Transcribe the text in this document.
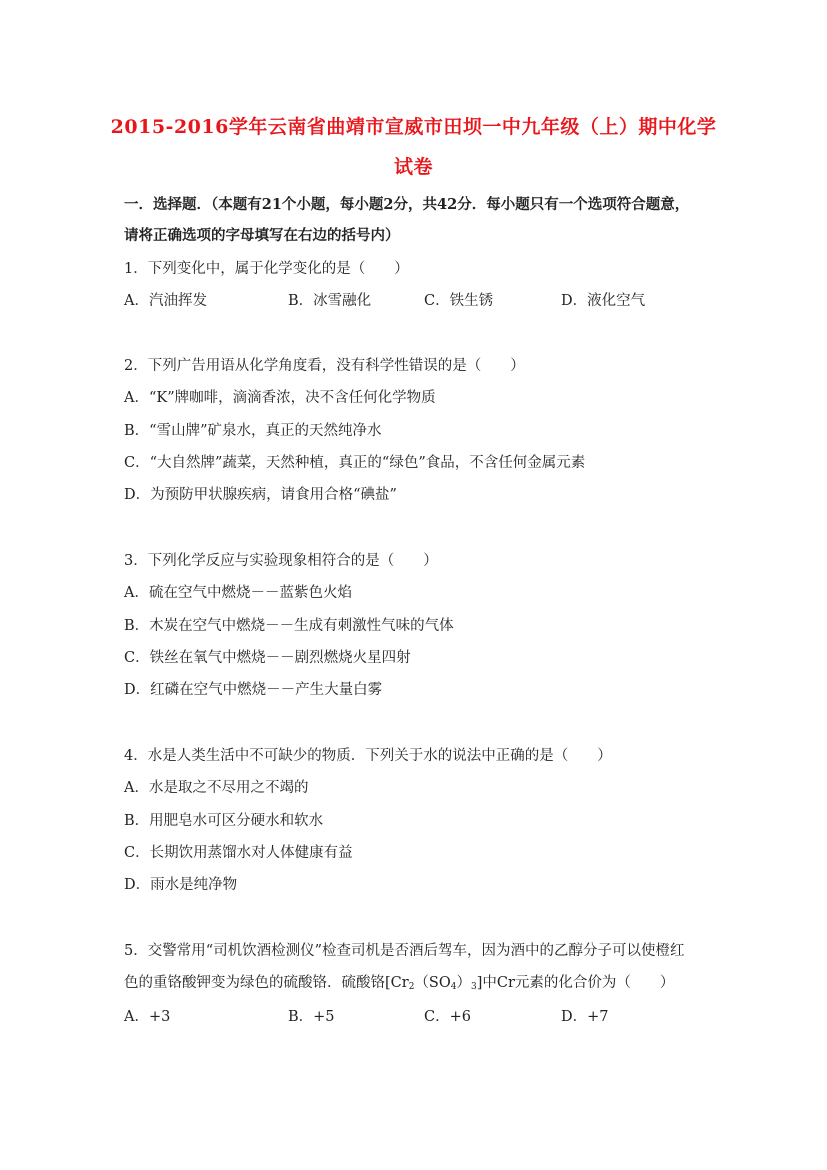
2015-2016学年云南省曲靖市宣威市田坝一中九年级（上）期中化学
试卷
一．选择题．（本题有21个小题，每小题2分，共42分．每小题只有一个选项符合题意，
请将正确选项的字母填写在右边的括号内）
1．下列变化中，属于化学变化的是（　　）
A．汽油挥发	B．冰雪融化	C．铁生锈	D．液化空气
2．下列广告用语从化学角度看，没有科学性错误的是（　　）
A．“K”牌咖啡，滴滴香浓，决不含任何化学物质
B．“雪山牌”矿泉水，真正的天然纯净水
C．“大自然牌”蔬菜，天然种植，真正的“绿色”食品，不含任何金属元素
D．为预防甲状腺疾病，请食用合格“碘盐”
3．下列化学反应与实验现象相符合的是（　　）
A．硫在空气中燃烧－－蓝紫色火焰
B．木炭在空气中燃烧－－生成有刺激性气味的气体
C．铁丝在氧气中燃烧－－剧烈燃烧火星四射
D．红磷在空气中燃烧－－产生大量白雾
4．水是人类生活中不可缺少的物质．下列关于水的说法中正确的是（　　）
A．水是取之不尽用之不竭的
B．用肥皂水可区分硬水和软水
C．长期饮用蒸馏水对人体健康有益
D．雨水是纯净物
5．交警常用“司机饮酒检测仪”检查司机是否酒后驾车，因为酒中的乙醇分子可以使橙红
色的重铬酸钾变为绿色的硫酸铬．硫酸铬$[Cr_2(SO_4)_3]$中Cr元素的化合价为（　　）
A．+3	B．+5	C．+6	D．+7
